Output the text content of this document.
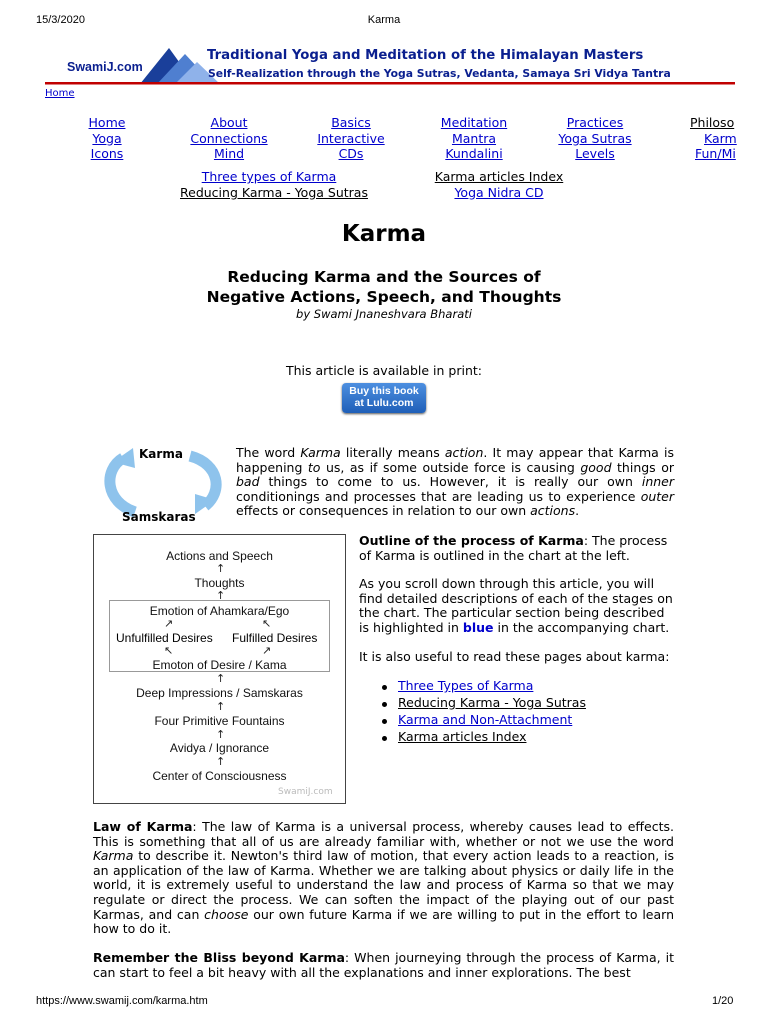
15/3/2020	Karma
SwamiJ.com
Traditional Yoga and Meditation of the Himalayan Masters
Self-Realization through the Yoga Sutras, Vedanta, Samaya Sri Vidya Tantra
Home
Home
Yoga
Icons
About
Connections
Mind
Basics
Interactive
CDs
Meditation
Mantra
Kundalini
Practices
Yoga Sutras
Levels
Philoso
Karm
Fun/Mi
Three types of Karma
Reducing Karma - Yoga Sutras
Karma articles Index
Yoga Nidra CD
Karma
Reducing Karma and the Sources of
Negative Actions, Speech, and Thoughts
by Swami Jnaneshvara Bharati
This article is available in print:
Buy this book
at Lulu.com
Karma
Samskaras
The word Karma literally means action. It may appear that Karma is happening to us, as if some outside force is causing good things or bad things to come to us. However, it is really our own inner conditionings and processes that are leading us to experience outer effects or consequences in relation to our own actions.
Actions and Speech
↑
Thoughts
↑
Emotion of Ahamkara/Ego
↗	↖
Unfulfilled Desires Fulfilled Desires
↖	↗
Emoton of Desire / Kama
↑
Deep Impressions / Samskaras
↑
Four Primitive Fountains
↑
Avidya / Ignorance
↑
Center of Consciousness
SwamiJ.com
Outline of the process of Karma: The process of Karma is outlined in the chart at the left.
As you scroll down through this article, you will find detailed descriptions of each of the stages on the chart. The particular section being described is highlighted in blue in the accompanying chart.
It is also useful to read these pages about karma:
Three Types of Karma
Reducing Karma - Yoga Sutras
Karma and Non-Attachment
Karma articles Index
Law of Karma: The law of Karma is a universal process, whereby causes lead to effects. This is something that all of us are already familiar with, whether or not we use the word Karma to describe it. Newton's third law of motion, that every action leads to a reaction, is an application of the law of Karma. Whether we are talking about physics or daily life in the world, it is extremely useful to understand the law and process of Karma so that we may regulate or direct the process. We can soften the impact of the playing out of our past Karmas, and can choose our own future Karma if we are willing to put in the effort to learn how to do it.
Remember the Bliss beyond Karma: When journeying through the process of Karma, it can start to feel a bit heavy with all the explanations and inner explorations. The best
https://www.swamij.com/karma.htm	1/20
